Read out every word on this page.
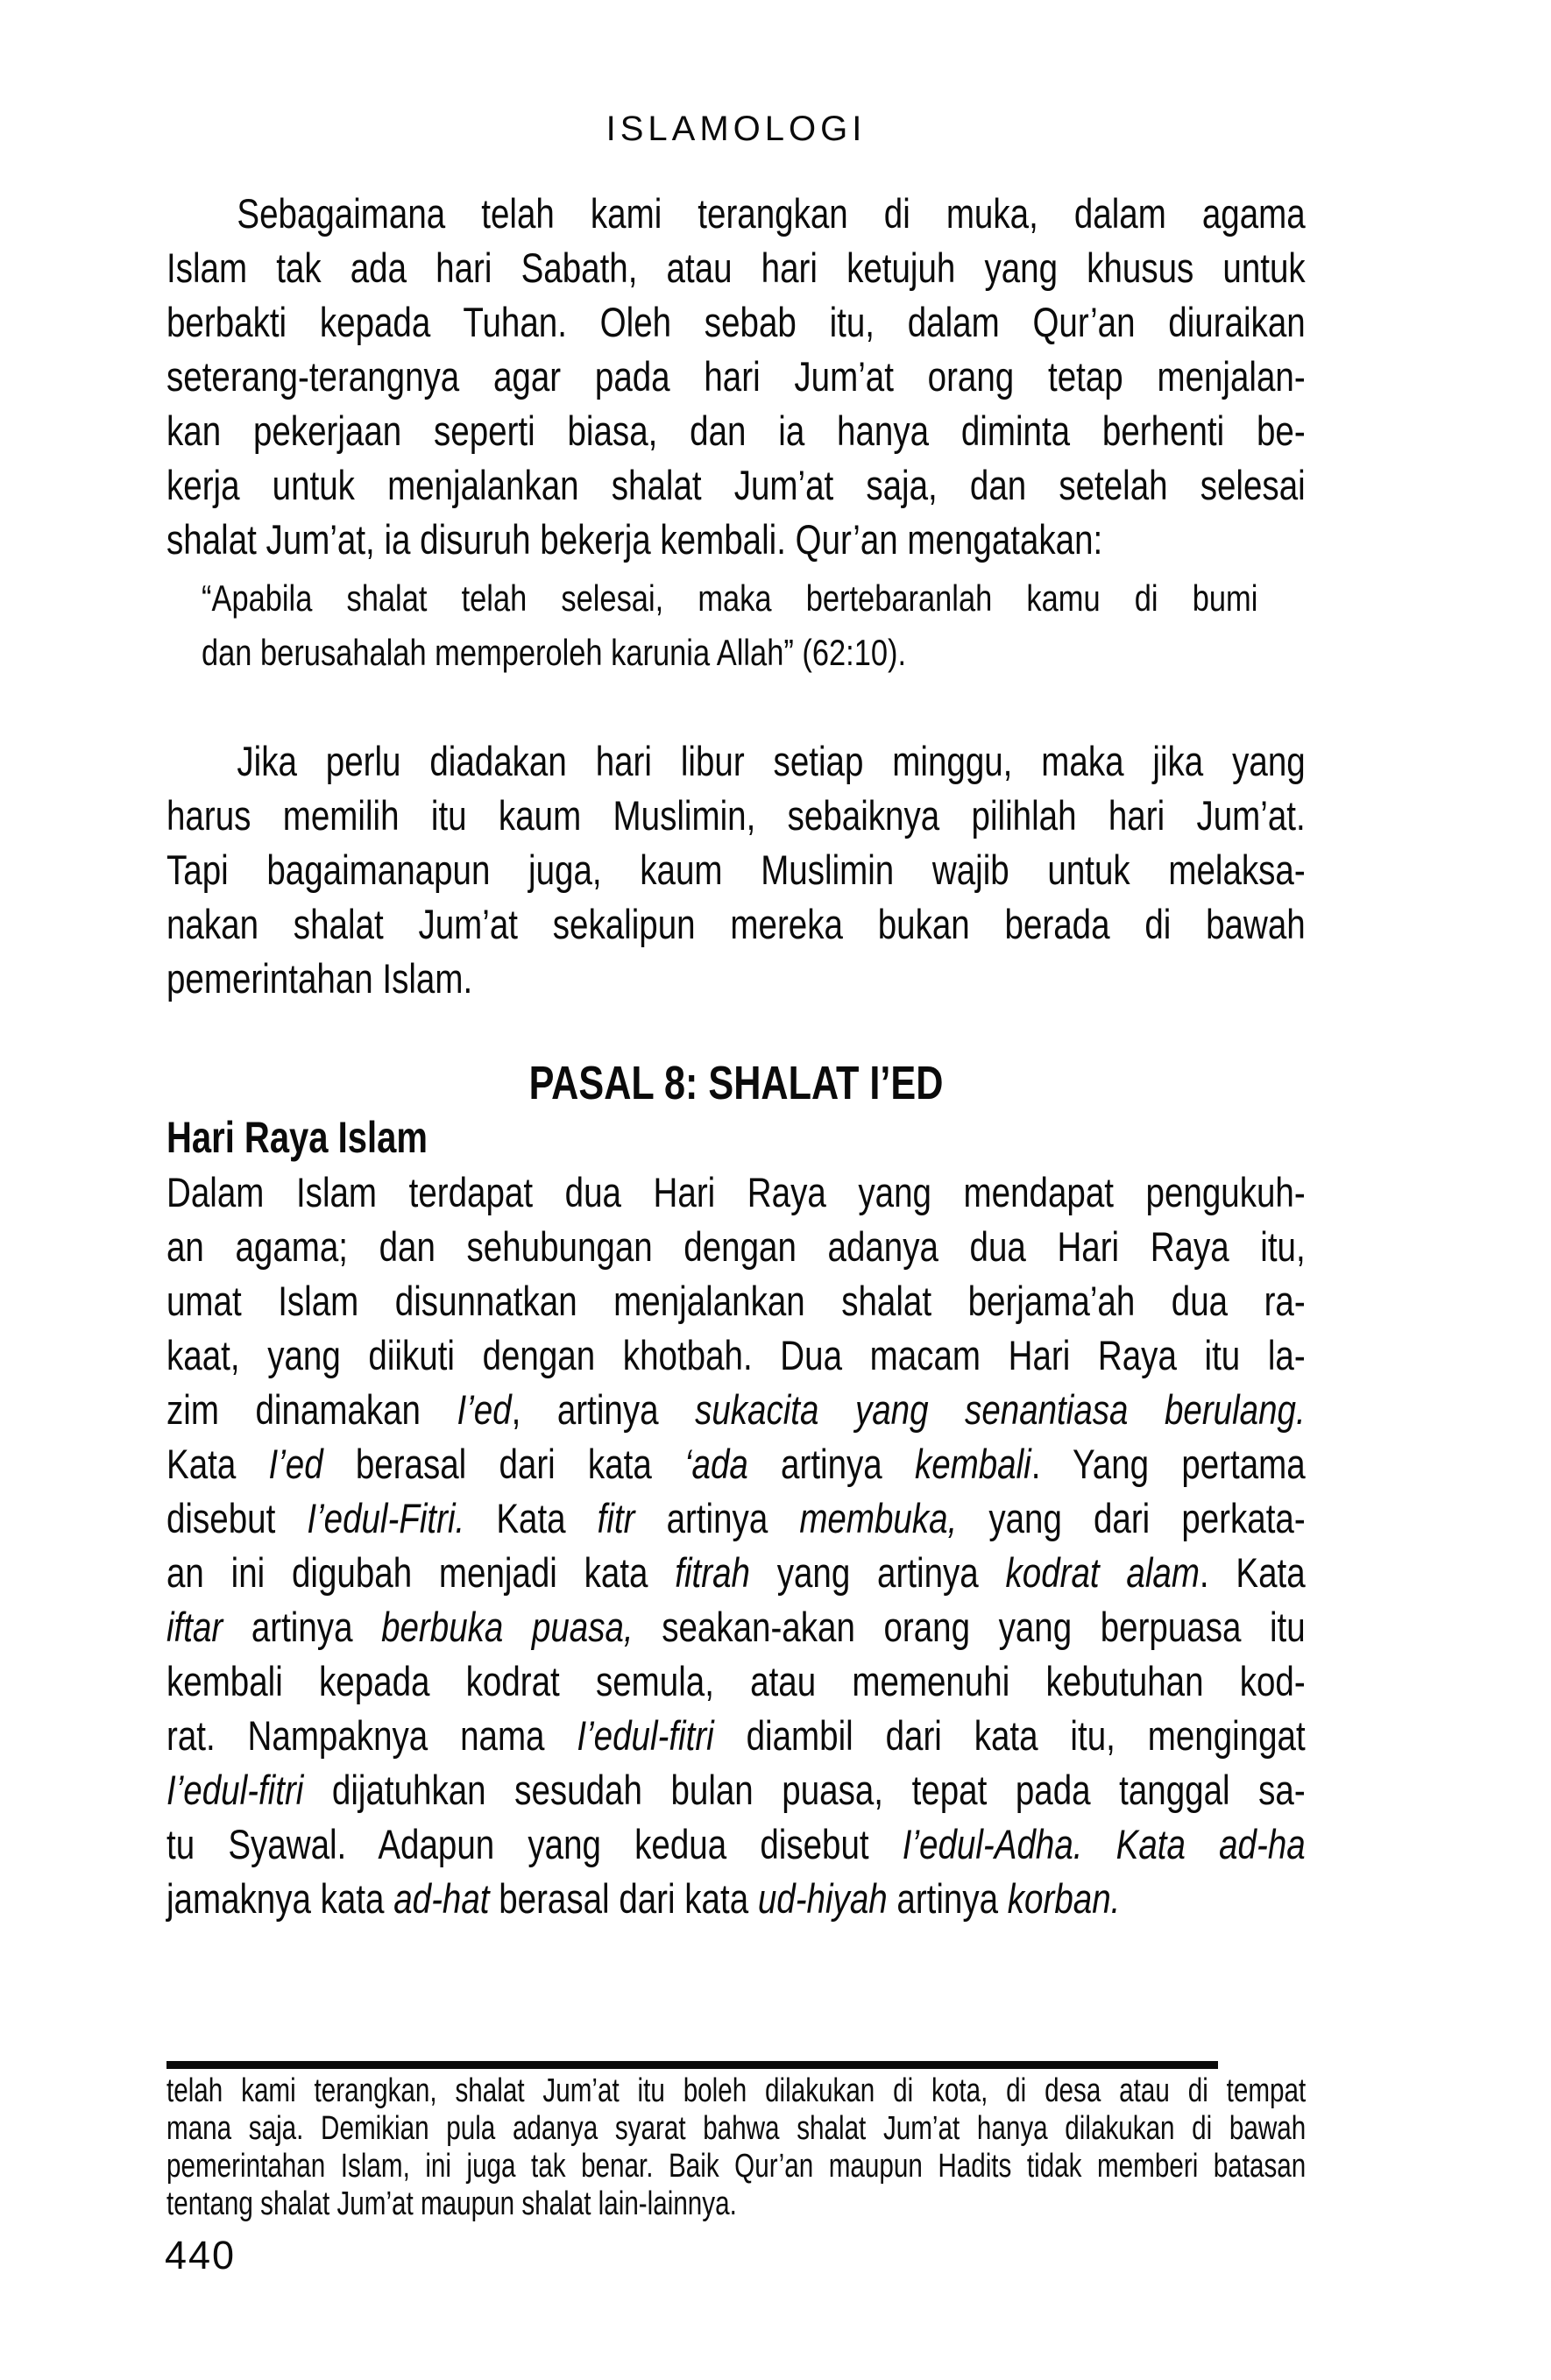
ISLAMOLOGI
Sebagaimana telah kami terangkan di muka, dalam agama
Islam tak ada hari Sabath, atau hari ketujuh yang khusus untuk
berbakti kepada Tuhan. Oleh sebab itu, dalam Qur’an diuraikan
seterang-terangnya agar pada hari Jum’at orang tetap menjalan-
kan pekerjaan seperti biasa, dan ia hanya diminta berhenti be-
kerja untuk menjalankan shalat Jum’at saja, dan setelah selesai
shalat Jum’at, ia disuruh bekerja kembali. Qur’an mengatakan:
“Apabila shalat telah selesai, maka bertebaranlah kamu di bumi
dan berusahalah memperoleh karunia Allah” (62:10).
Jika perlu diadakan hari libur setiap minggu, maka jika yang
harus memilih itu kaum Muslimin, sebaiknya pilihlah hari Jum’at.
Tapi bagaimanapun juga, kaum Muslimin wajib untuk melaksa-
nakan shalat Jum’at sekalipun mereka bukan berada di bawah
pemerintahan Islam.
PASAL 8: SHALAT I’ED
Hari Raya Islam
Dalam Islam terdapat dua Hari Raya yang mendapat pengukuh-
an agama; dan sehubungan dengan adanya dua Hari Raya itu,
umat Islam disunnatkan menjalankan shalat berjama’ah dua ra-
kaat, yang diikuti dengan khotbah. Dua macam Hari Raya itu la-
zim dinamakan I’ed, artinya sukacita yang senantiasa berulang.
Kata I’ed berasal dari kata ‘ada artinya kembali. Yang pertama
disebut I’edul-Fitri. Kata fitr artinya membuka, yang dari perkata-
an ini digubah menjadi kata fitrah yang artinya kodrat alam. Kata
iftar artinya berbuka puasa, seakan-akan orang yang berpuasa itu
kembali kepada kodrat semula, atau memenuhi kebutuhan kod-
rat. Nampaknya nama I’edul-fitri diambil dari kata itu, mengingat
I’edul-fitri dijatuhkan sesudah bulan puasa, tepat pada tanggal sa-
tu Syawal. Adapun yang kedua disebut I’edul-Adha. Kata ad-ha
jamaknya kata ad-hat berasal dari kata ud-hiyah artinya korban.
telah kami terangkan, shalat Jum’at itu boleh dilakukan di kota, di desa atau di tempat
mana saja. Demikian pula adanya syarat bahwa shalat Jum’at hanya dilakukan di bawah
pemerintahan Islam, ini juga tak benar. Baik Qur’an maupun Hadits tidak memberi batasan
tentang shalat Jum’at maupun shalat lain-lainnya.
440
